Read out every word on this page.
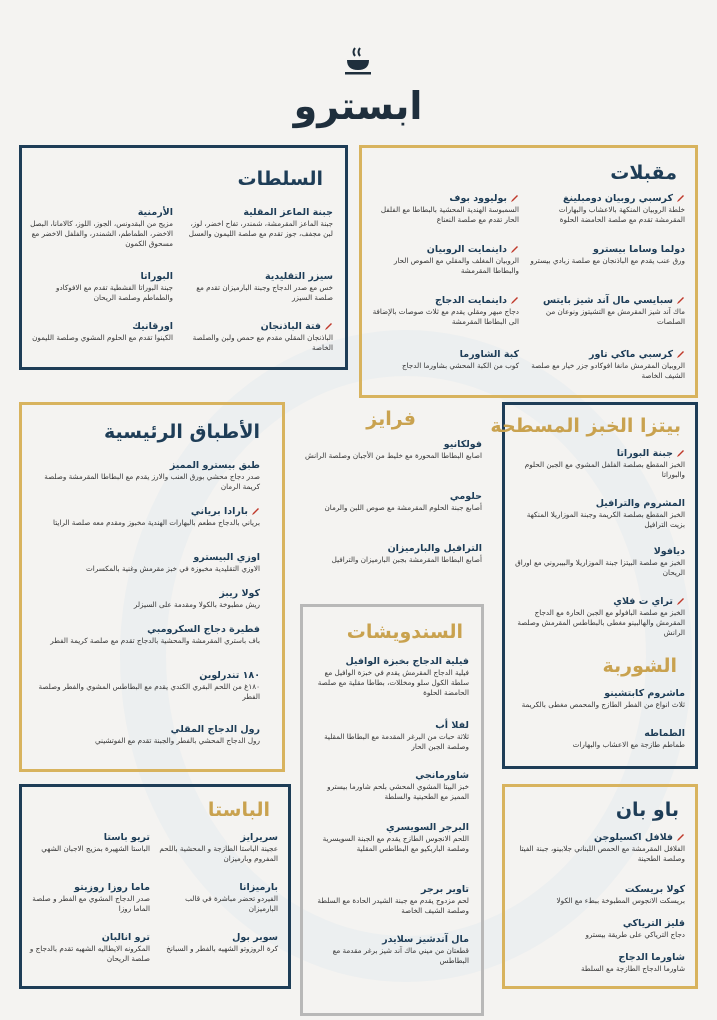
ابسترو
السلطات
جبنة الماعز المقلية
جبنة الماعز المقرمشة، شمندر، تفاح اخضر، لوز، لبن مجفف، جوز تقدم مع صلصة الليمون والعسل
الأرمنية
مزيج من البقدونس، الجوز، اللوز، كالامانا، البصل الاخضر، الطماطم، الشمندر، والفلفل الاخضر مع مسحوق الكمون
سيزر التقليدية
خس مع صدر الدجاج وجبنة البارميزان تقدم مع صلصة السيزر
البوراتا
جبنة البوراتا الفشطية تقدم مع الافوكادو والطماطم وصلصة الريحان
فتة الباذنجان
الباذنجان المقلي مقدم مع حمص ولبن والصلصة الخاصة
اورقانيك
الكينوا تقدم مع الحلوم المشوي وصلصة الليمون
مقبلات
كرسبي روبيان دومبلينغ
خلطة الروبيان المنكهة بالاعشاب والبهارات المقرمشة تقدم مع صلصة الحامضة الحلوة
بوليوود بوف
السمبوسة الهندية المحشية بالبطاطا مع الفلفل الحار تقدم مع صلصة النعناع
دولما وساما بيسترو
ورق عنب يقدم مع الباذنجان مع صلصة زبادي بيسترو
داينمايت الروبيان
الروبيان المغلف والمقلي مع الصوص الحار والبطاطا المقرمشة
سبايسي مال آند شيز بايتس
ماك آند شيز المقرمش مع التشيتوز ونوعان من الصلصات
داينمايت الدجاج
دجاج مبهر ومقلي يقدم مع ثلاث صوصات بالإضافة الى البطاطا المقرمشة
كرسبي ماكي تاور
الروبيان المقرمش مانغا افوكادو جزر خيار مع صلصة الشيف الخاصة
كبة الشاورما
كوب من الكبة المحشي بشاورما الدجاج
الأطباق الرئيسية
طبق بيسترو المميز
صدر دجاج محشي بورق العنب والارز يقدم مع البطاطا المقرمشة وصلصة كريمة الرمان
بارادا برياني
برياني بالدجاج مطعم بالبهارات الهندية مخبوز ومقدم معه صلصة الرايتا
اوزي البيسترو
الاوزي التقليدية مخبوزة في خبز مقرمش وغنية بالمكسرات
كولا ريبز
ريش مطبوخة بالكولا ومقدمة على السيزلر
فطيرة دجاج السكرومبي
باف باستري المقرمشة والمحشية بالدجاج تقدم مع صلصة كريمة الفطر
١٨٠ تندرلوين
١٨٠غ من اللحم البقري الكندي يقدم مع البطاطس المشوي والفطر وصلصة الفطر
رول الدجاج المقلي
رول الدجاج المحشي بالفطر والجبنة تقدم مع الفوتشيني
فرايز
فولكانيو
اصابع البطاطا المحورة مع خليط من الأجبان وصلصة الرانش
حلومي
أصابع جبنة الحلوم المقرمشة مع صوص اللبن والرمان
الترافيل والبارميزان
أصابع البطاطا المقرمشة بجبن البارميزان والترافيل
بيتزا الخبز المسطحة
جبنة البوراتا
الخبز المقطع بصلصة الفلفل المشوي مع الجبن الحلوم والبوراتا
المشروم والترافيل
الخبز المقطع بصلصة الكريمة وجبنة الموزاريلا المنكهة بزيت الترافيل
ديافولا
الخبز مع صلصة البيتزا جبنة الموزاريلا والبيبروني مع اوراق الريحان
تراي ت فلاي
الخبز مع صلصة البافولو مع الجبن الحارة مع الدجاج المقرمش والهالبينو مغطى بالبطاطس المقرمش وصلصة الرانش
الشوربة
ماشروم كابتشينو
ثلاث انواع من الفطر الطازج والمحمص مغطى بالكريمة
الطماطه
طماطم طازجة مع الاعشاب والبهارات
السندويشات
فيلية الدجاج بخبزة الوافيل
فيلية الدجاج المقرمش يقدم في خبزة الوافيل مع سلطة الكول سلو ومخللات، بطاطا مقلية مع صلصة الحامضة الحلوة
لفلا أب
ثلاثة حبات من البرغر المقدمة مع البطاطا المقلية وصلصة الجبن الحار
شاورمانجي
خبز البيتا المشوي المحشي بلحم شاورما بيسترو المميز مع الطحينية والسلطة
البرجر السويسري
اللحم الانجوس الطازج يقدم مع الجبنة السويسرية وصلصة الباربكيو مع البطاطس المقلية
تاوير برجر
لحم مزدوج يقدم مع جبنة الشيدر الحادة مع السلطة وصلصة الشيف الخاصة
مال آندشيز سلايدر
قطعتان من ميني ماك آند شيز برغر مقدمة مع البطاطس
الباستا
سريرايز
عجينة الباستا الطازجة و المحشية باللحم المفروم وبارميزان
تريو باستا
الباستا الشهيرة بمزيج الاجبان الشهي
بارميزانا
الفيردو تحضر مباشرة في قالب البارميزان
ماما روزا روزيتو
صدر الدجاج المشوي مع الفطر و صلصة الماما روزا
سوبر بول
كرة الروزوتو الشهيه بالفطر و السبانخ
ترو انالبان
المكرونه الايطاليه الشهيه تقدم بالدجاج و صلصة الريحان
باو بان
فلافل اكسيلوجن
الفلافل المقرمشة مع الحمص اللبناني جلابينو، جبنة الفيتا وصلصة الطحينة
كولا بريسكت
بريسكت الانجوس المطبوخة ببطء مع الكولا
قليز الترياكي
دجاج الترياكي على طريقة بيسترو
شاورما الدجاج
شاورما الدجاج الطازجة مع السلطة
